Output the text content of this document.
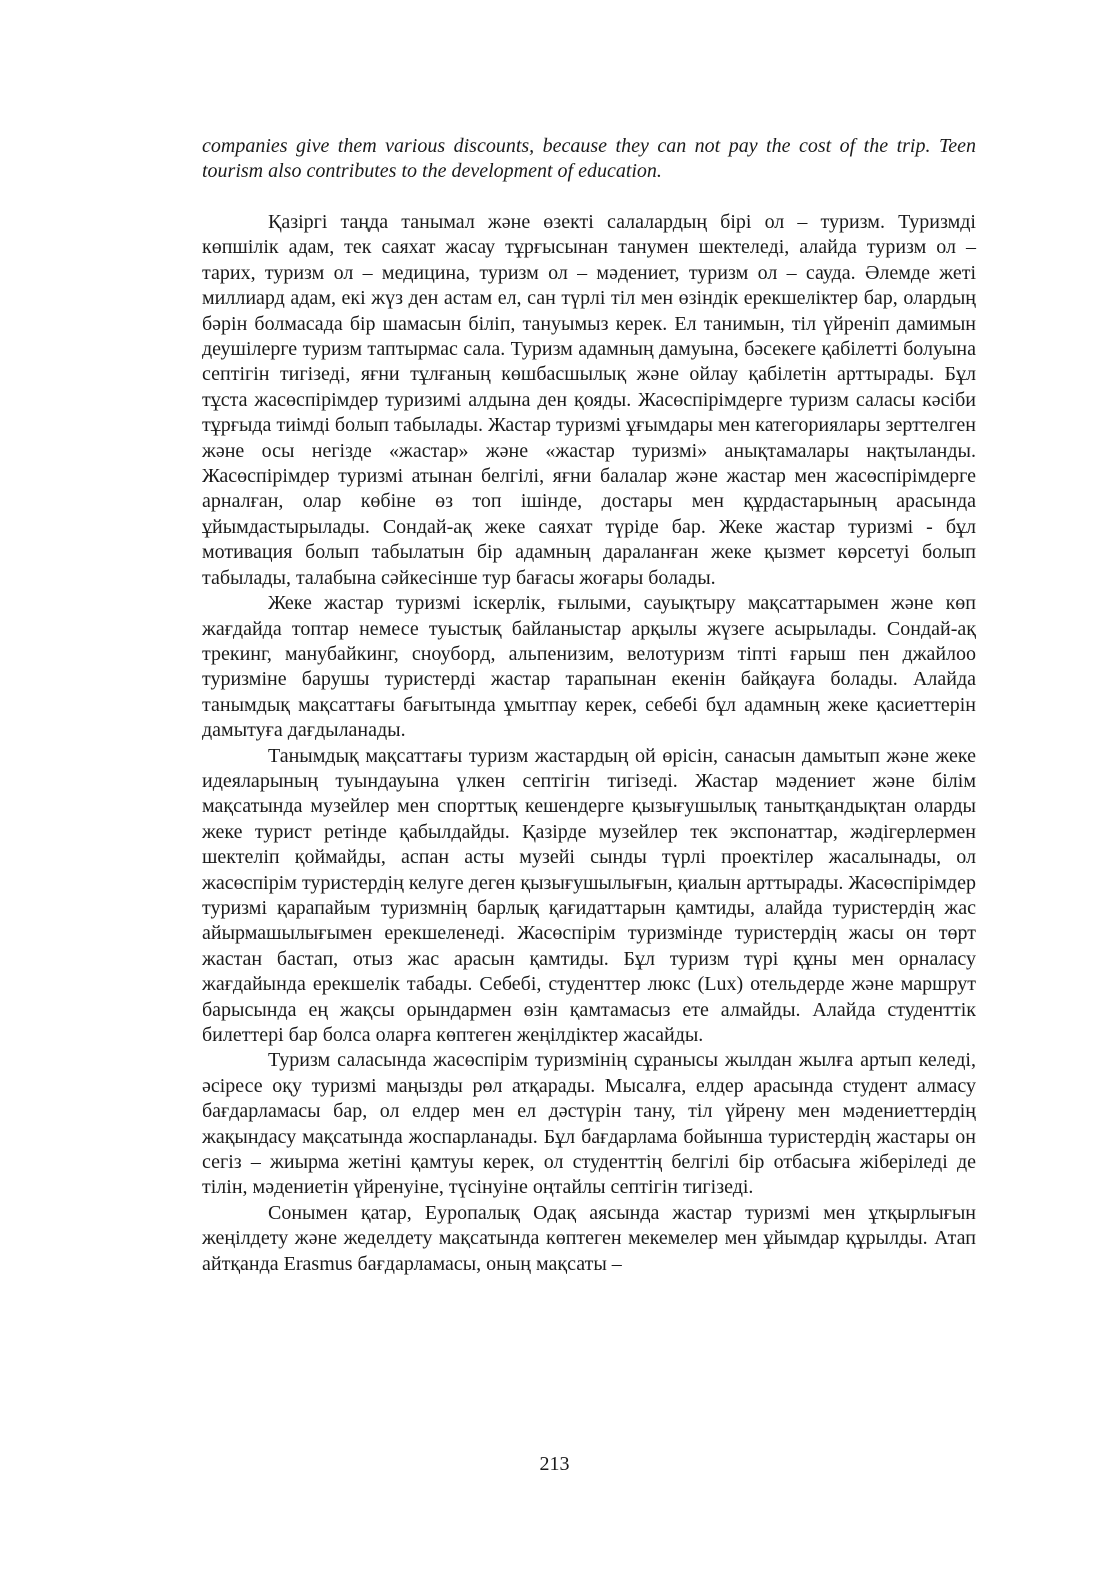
companies give them various discounts, because they can not pay the cost of the trip. Teen tourism also contributes to the development of education.

Қазіргі таңда танымал және өзекті салалардың бірі ол – туризм. Туризмді көпшілік адам, тек саяхат жасау тұрғысынан танумен шектеледі, алайда туризм ол – тарих, туризм ол – медицина, туризм ол – мәдениет, туризм ол – сауда. Әлемде жеті миллиард адам, екі жүз ден астам ел, сан түрлі тіл мен өзіндік ерекшеліктер бар, олардың бәрін болмасада бір шамасын біліп, тануымыз керек. Ел танимын, тіл үйреніп дамимын деушілерге туризм таптырмас сала. Туризм адамның дамуына, бәсекеге қабілетті болуына септігін тигізеді, яғни тұлғаның көшбасшылық және ойлау қабілетін арттырады. Бұл тұста жасөспірімдер туризимі алдына ден қояды. Жасөспірімдерге туризм саласы кәсіби тұрғыда тиімді болып табылады. Жастар туризмі ұғымдары мен категориялары зерттелген және осы негізде «жастар» және «жастар туризмі» анықтамалары нақтыланды. Жасөспірімдер туризмі атынан белгілі, яғни балалар және жастар мен жасөспірімдерге арналған, олар көбіне өз топ ішінде, достары мен құрдастарының арасында ұйымдастырылады. Сондай-ақ жеке саяхат түріде бар. Жеке жастар туризмі - бұл мотивация болып табылатын бір адамның дараланған жеке қызмет көрсетуі болып табылады, талабына сәйкесінше тур бағасы жоғары болады.

Жеке жастар туризмі іскерлік, ғылыми, сауықтыру мақсаттарымен және көп жағдайда топтар немесе туыстық байланыстар арқылы жүзеге асырылады. Сондай-ақ трекинг, манубайкинг, сноуборд, альпенизим, велотуризм тіпті ғарыш пен джайлоо туризміне барушы туристерді жастар тарапынан екенін байқауға болады. Алайда танымдық мақсаттағы бағытында ұмытпау керек, себебі бұл адамның жеке қасиеттерін дамытуға дағдыланады.

Танымдық мақсаттағы туризм жастардың ой өрісін, санасын дамытып және жеке идеяларының туындауына үлкен септігін тигізеді. Жастар мәдениет және білім мақсатында музейлер мен спорттық кешендерге қызығушылық танытқандықтан оларды жеке турист ретінде қабылдайды. Қазірде музейлер тек экспонаттар, жәдігерлермен шектеліп қоймайды, аспан асты музейі сынды түрлі проектілер жасалынады, ол жасөспірім туристердің келуге деген қызығушылығын, қиалын арттырады. Жасөспірімдер туризмі қарапайым туризмнің барлық қағидаттарын қамтиды, алайда туристердің жас айырмашылығымен ерекшеленеді. Жасөспірім туризмінде туристердің жасы он төрт жастан бастап, отыз жас арасын қамтиды. Бұл туризм түрі құны мен орналасу жағдайында ерекшелік табады. Себебі, студенттер люкс (Lux) отельдерде және маршрут барысында ең жақсы орындармен өзін қамтамасыз ете алмайды. Алайда студенттік билеттері бар болса оларға көптеген жеңілдіктер жасайды.

Туризм саласында жасөспірім туризмінің сұранысы жылдан жылға артып келеді, әсіресе оқу туризмі маңызды рөл атқарады. Мысалға, елдер арасында студент алмасу бағдарламасы бар, ол елдер мен ел дәстүрін тану, тіл үйрену мен мәдениеттердің жақындасу мақсатында жоспарланады. Бұл бағдарлама бойынша туристердің жастары он сегіз – жиырма жетіні қамтуы керек, ол студенттің белгілі бір отбасыға жіберіледі де тілін, мәдениетін үйренуіне, түсінуіне оңтайлы септігін тигізеді.

Сонымен қатар, Еуропалық Одақ аясында жастар туризмі мен ұтқырлығын жеңілдету және жеделдету мақсатында көптеген мекемелер мен ұйымдар құрылды. Атап айтқанда Erasmus бағдарламасы, оның мақсаты –

213
